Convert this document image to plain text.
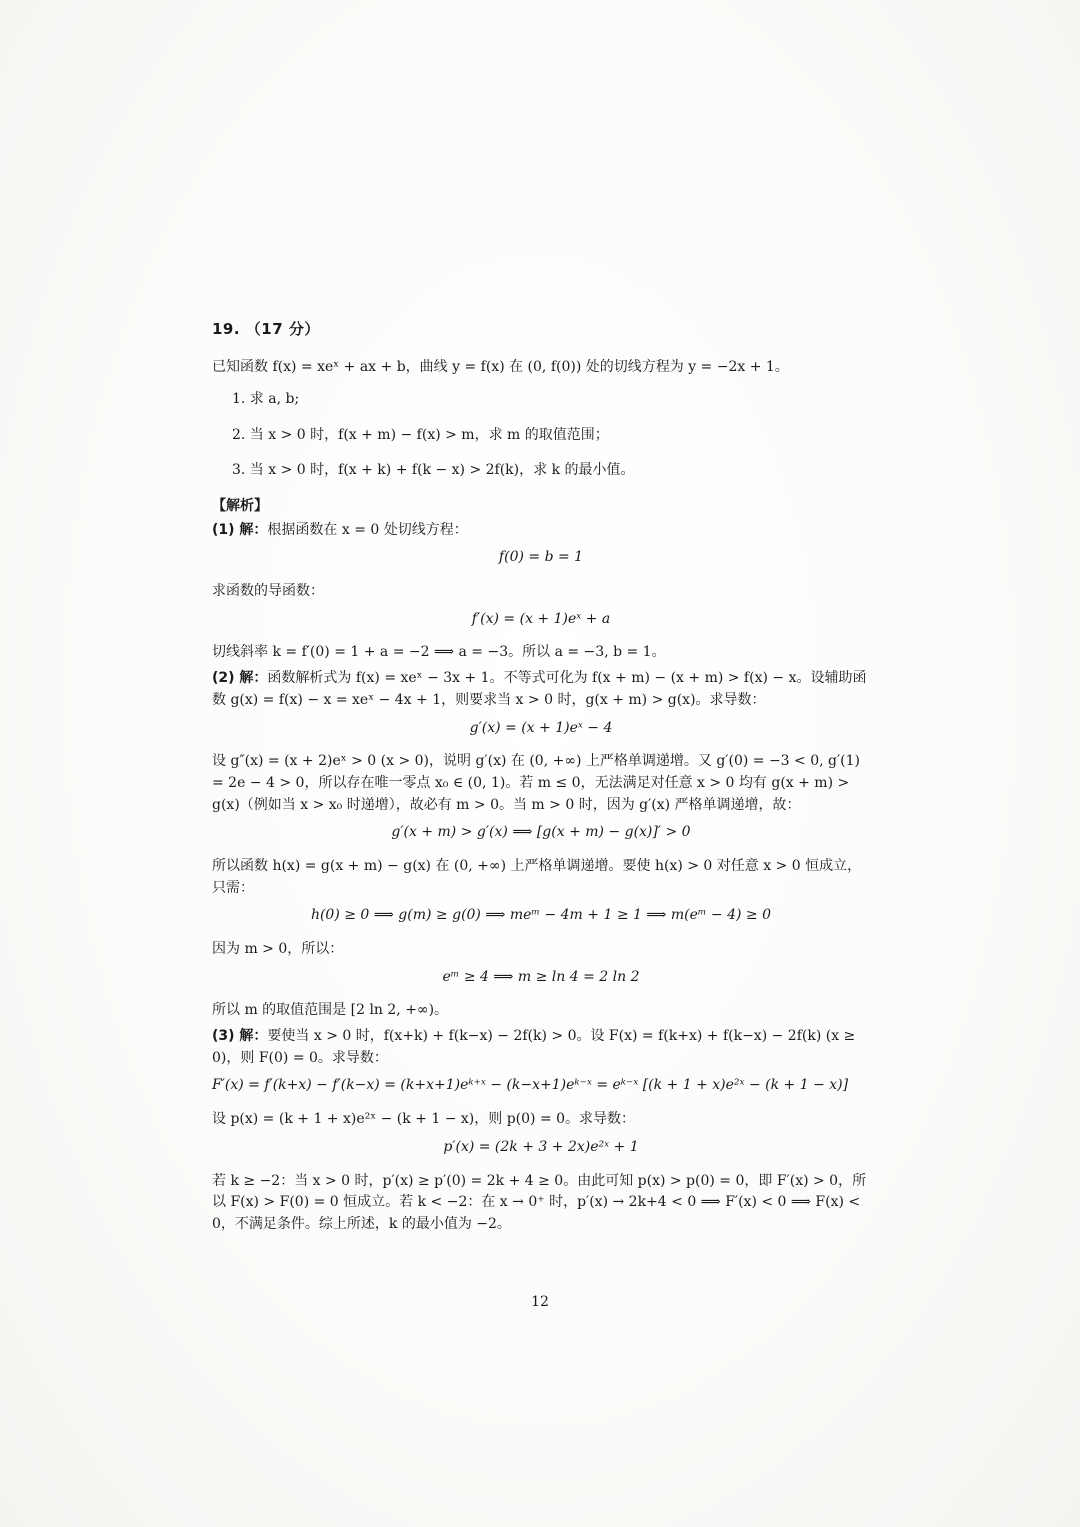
19. （17 分）
已知函数 f(x) = xeˣ + ax + b，曲线 y = f(x) 在 (0, f(0)) 处的切线方程为 y = −2x + 1。
1. 求 a, b;
2. 当 x > 0 时，f(x + m) − f(x) > m，求 m 的取值范围；
3. 当 x > 0 时，f(x + k) + f(k − x) > 2f(k)，求 k 的最小值。
【解析】
(1) 解：根据函数在 x = 0 处切线方程：
f(0) = b = 1
求函数的导函数：
f′(x) = (x + 1)eˣ + a
切线斜率 k = f′(0) = 1 + a = −2 ⟹ a = −3。所以 a = −3, b = 1。
(2) 解：函数解析式为 f(x) = xeˣ − 3x + 1。不等式可化为 f(x + m) − (x + m) > f(x) − x。设辅助函数 g(x) = f(x) − x = xeˣ − 4x + 1，则要求当 x > 0 时，g(x + m) > g(x)。求导数：
g′(x) = (x + 1)eˣ − 4
设 g″(x) = (x + 2)eˣ > 0 (x > 0)，说明 g′(x) 在 (0, +∞) 上严格单调递增。又 g′(0) = −3 < 0, g′(1) = 2e − 4 > 0，所以存在唯一零点 x₀ ∈ (0, 1)。若 m ≤ 0，无法满足对任意 x > 0 均有 g(x + m) > g(x)（例如当 x > x₀ 时递增），故必有 m > 0。当 m > 0 时，因为 g′(x) 严格单调递增，故：
g′(x + m) > g′(x) ⟹ [g(x + m) − g(x)]′ > 0
所以函数 h(x) = g(x + m) − g(x) 在 (0, +∞) 上严格单调递增。要使 h(x) > 0 对任意 x > 0 恒成立，只需：
h(0) ≥ 0 ⟹ g(m) ≥ g(0) ⟹ meᵐ − 4m + 1 ≥ 1 ⟹ m(eᵐ − 4) ≥ 0
因为 m > 0，所以：
eᵐ ≥ 4 ⟹ m ≥ ln 4 = 2 ln 2
所以 m 的取值范围是 [2 ln 2, +∞)。
(3) 解：要使当 x > 0 时，f(x+k) + f(k−x) − 2f(k) > 0。设 F(x) = f(k+x) + f(k−x) − 2f(k) (x ≥ 0)，则 F(0) = 0。求导数：
F′(x) = f′(k+x) − f′(k−x) = (k+x+1)eᵏ⁺ˣ − (k−x+1)eᵏ⁻ˣ = eᵏ⁻ˣ [(k + 1 + x)e²ˣ − (k + 1 − x)]
设 p(x) = (k + 1 + x)e²ˣ − (k + 1 − x)，则 p(0) = 0。求导数：
p′(x) = (2k + 3 + 2x)e²ˣ + 1
若 k ≥ −2：当 x > 0 时，p′(x) ≥ p′(0) = 2k + 4 ≥ 0。由此可知 p(x) > p(0) = 0，即 F′(x) > 0，所以 F(x) > F(0) = 0 恒成立。若 k < −2：在 x → 0⁺ 时，p′(x) → 2k+4 < 0 ⟹ F′(x) < 0 ⟹ F(x) < 0，不满足条件。综上所述，k 的最小值为 −2。
12
